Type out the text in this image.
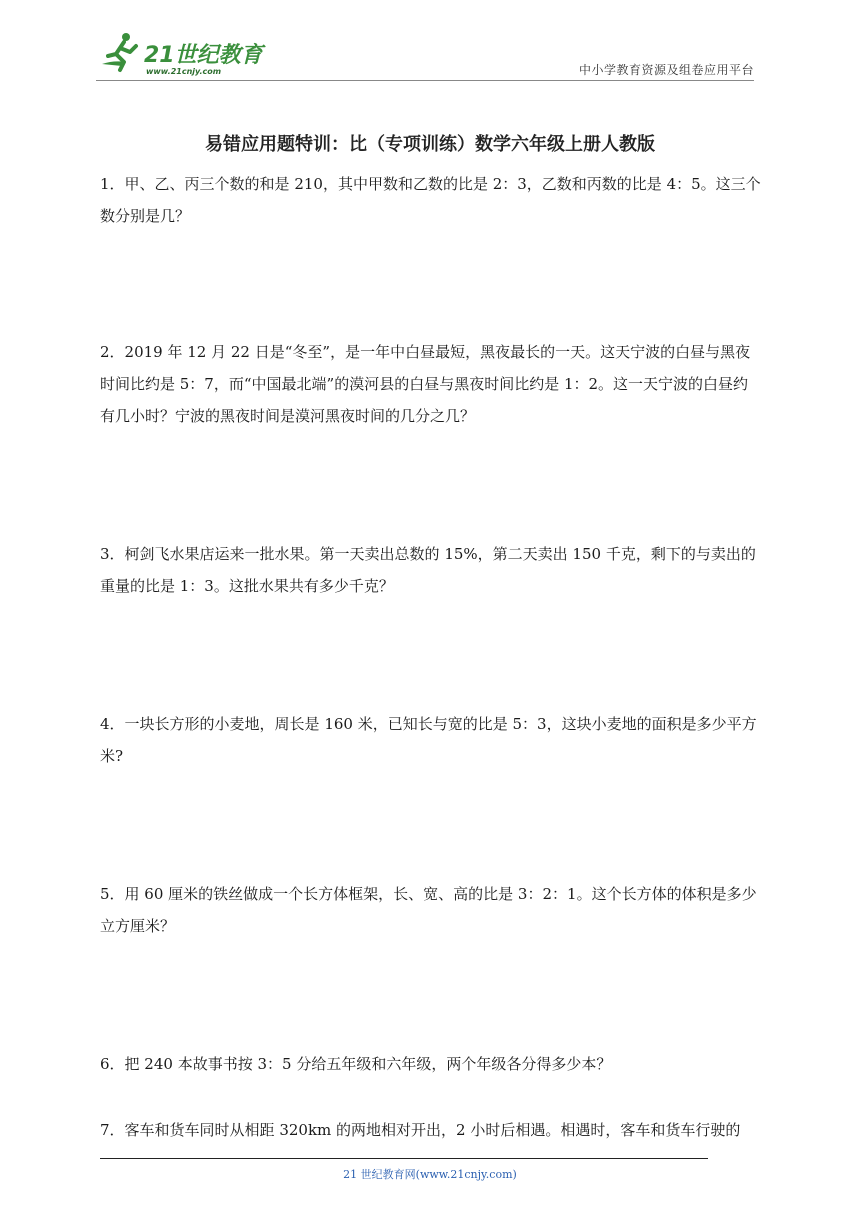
21世纪教育
www.21cnjy.com	中小学教育资源及组卷应用平台
易错应用题特训：比（专项训练）数学六年级上册人教版

1．甲、乙、丙三个数的和是 210，其中甲数和乙数的比是 2：3，乙数和丙数的比是 4：5。这三个数分别是几？

2．2019 年 12 月 22 日是“冬至”，是一年中白昼最短，黑夜最长的一天。这天宁波的白昼与黑夜时间比约是 5：7，而“中国最北端”的漠河县的白昼与黑夜时间比约是 1：2。这一天宁波的白昼约有几小时？宁波的黑夜时间是漠河黑夜时间的几分之几？

3．柯剑飞水果店运来一批水果。第一天卖出总数的 15%，第二天卖出 150 千克，剩下的与卖出的重量的比是 1：3。这批水果共有多少千克？

4．一块长方形的小麦地，周长是 160 米，已知长与宽的比是 5：3，这块小麦地的面积是多少平方米?

5．用 60 厘米的铁丝做成一个长方体框架，长、宽、高的比是 3：2：1。这个长方体的体积是多少立方厘米？

6．把 240 本故事书按 3：5 分给五年级和六年级，两个年级各分得多少本？

7．客车和货车同时从相距 320km 的两地相对开出，2 小时后相遇。相遇时，客车和货车行驶的

21 世纪教育网(www.21cnjy.com)
